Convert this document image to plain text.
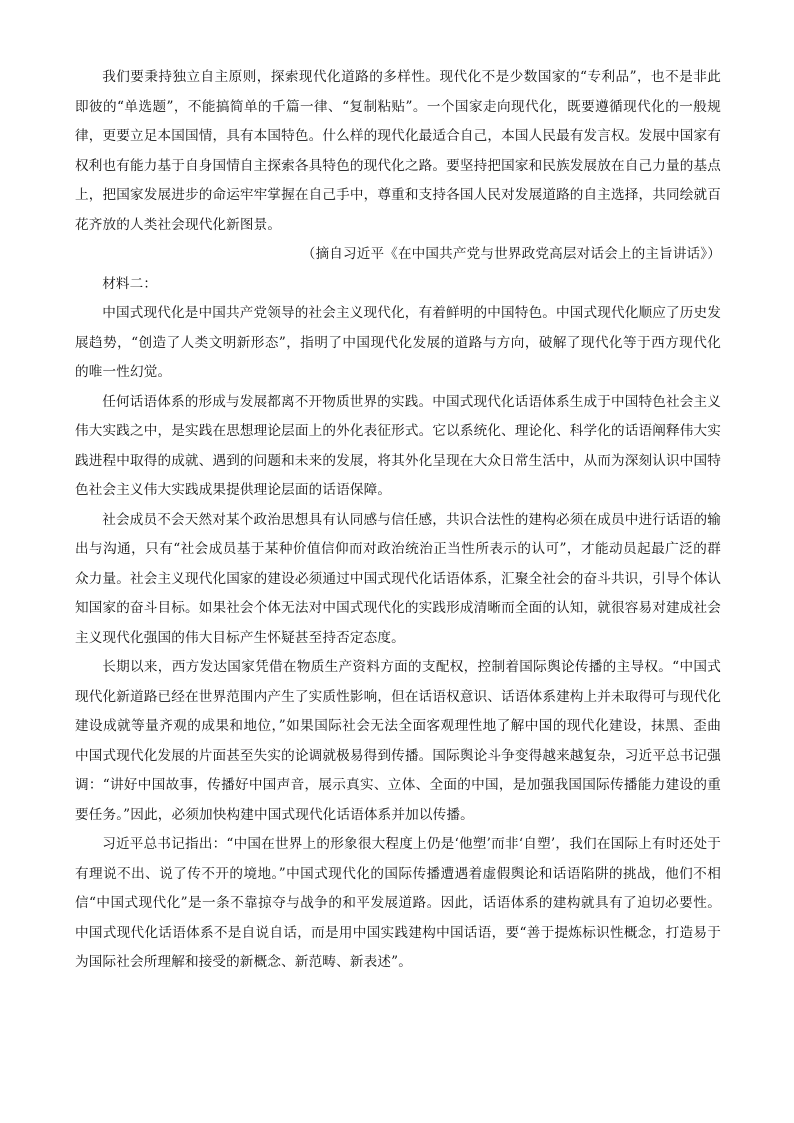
我们要秉持独立自主原则，探索现代化道路的多样性。现代化不是少数国家的“专利品”，也不是非此即彼的“单选题”，不能搞简单的千篇一律、“复制粘贴”。一个国家走向现代化，既要遵循现代化的一般规律，更要立足本国国情，具有本国特色。什么样的现代化最适合自己，本国人民最有发言权。发展中国家有权利也有能力基于自身国情自主探索各具特色的现代化之路。要坚持把国家和民族发展放在自己力量的基点上，把国家发展进步的命运牢牢掌握在自己手中，尊重和支持各国人民对发展道路的自主选择，共同绘就百花齐放的人类社会现代化新图景。

（摘自习近平《在中国共产党与世界政党高层对话会上的主旨讲话》）

材料二：

中国式现代化是中国共产党领导的社会主义现代化，有着鲜明的中国特色。中国式现代化顺应了历史发展趋势，“创造了人类文明新形态”，指明了中国现代化发展的道路与方向，破解了现代化等于西方现代化的唯一性幻觉。

任何话语体系的形成与发展都离不开物质世界的实践。中国式现代化话语体系生成于中国特色社会主义伟大实践之中，是实践在思想理论层面上的外化表征形式。它以系统化、理论化、科学化的话语阐释伟大实践进程中取得的成就、遇到的问题和未来的发展，将其外化呈现在大众日常生活中，从而为深刻认识中国特色社会主义伟大实践成果提供理论层面的话语保障。

社会成员不会天然对某个政治思想具有认同感与信任感，共识合法性的建构必须在成员中进行话语的输出与沟通，只有“社会成员基于某种价值信仰而对政治统治正当性所表示的认可”，才能动员起最广泛的群众力量。社会主义现代化国家的建设必须通过中国式现代化话语体系，汇聚全社会的奋斗共识，引导个体认知国家的奋斗目标。如果社会个体无法对中国式现代化的实践形成清晰而全面的认知，就很容易对建成社会主义现代化强国的伟大目标产生怀疑甚至持否定态度。

长期以来，西方发达国家凭借在物质生产资料方面的支配权，控制着国际舆论传播的主导权。“中国式现代化新道路已经在世界范围内产生了实质性影响，但在话语权意识、话语体系建构上并未取得可与现代化建设成就等量齐观的成果和地位，”如果国际社会无法全面客观理性地了解中国的现代化建设，抹黑、歪曲中国式现代化发展的片面甚至失实的论调就极易得到传播。国际舆论斗争变得越来越复杂，习近平总书记强调：“讲好中国故事，传播好中国声音，展示真实、立体、全面的中国，是加强我国国际传播能力建设的重要任务。”因此，必须加快构建中国式现代化话语体系并加以传播。

习近平总书记指出：“中国在世界上的形象很大程度上仍是‘他塑’而非‘自塑’，我们在国际上有时还处于有理说不出、说了传不开的境地。”中国式现代化的国际传播遭遇着虚假舆论和话语陷阱的挑战，他们不相信“中国式现代化”是一条不靠掠夺与战争的和平发展道路。因此，话语体系的建构就具有了迫切必要性。中国式现代化话语体系不是自说自话，而是用中国实践建构中国话语，要“善于提炼标识性概念，打造易于为国际社会所理解和接受的新概念、新范畴、新表述”。
